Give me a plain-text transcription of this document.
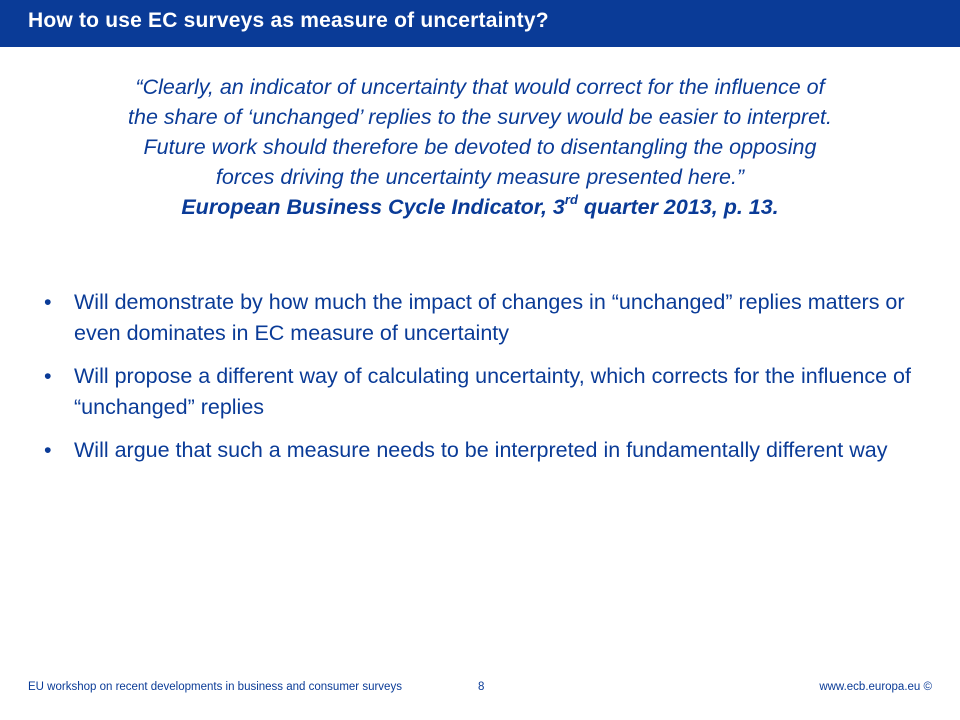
How to use EC surveys as measure of uncertainty?
“Clearly, an indicator of uncertainty that would correct for the influence of
the share of ‘unchanged’ replies to the survey would be easier to interpret.
Future work should therefore be devoted to disentangling the opposing
forces driving the uncertainty measure presented here.”
European Business Cycle Indicator, 3rd quarter 2013, p. 13.
• Will demonstrate by how much the impact of changes in “unchanged” replies matters or even dominates in EC measure of uncertainty
• Will propose a different way of calculating uncertainty, which corrects for the influence of “unchanged” replies
• Will argue that such a measure needs to be interpreted in fundamentally different way
EU workshop on recent developments in business and consumer surveys	8	www.ecb.europa.eu ©
